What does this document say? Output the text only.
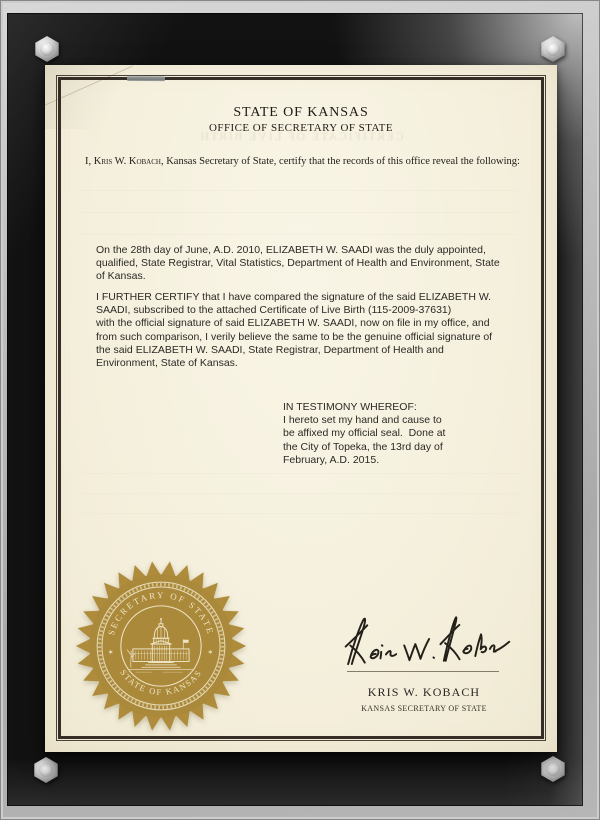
CERTIFICATE OF LIVE BIRTH
STATE OF KANSAS
OFFICE OF SECRETARY OF STATE
I, Kris W. Kobach, Kansas Secretary of State, certify that the records of this office reveal the following:
On the 28th day of June, A.D. 2010, ELIZABETH W. SAADI was the duly appointed,
qualified, State Registrar, Vital Statistics, Department of Health and Environment, State
of Kansas.
I FURTHER CERTIFY that I have compared the signature of the said ELIZABETH W.
SAADI, subscribed to the attached Certificate of Live Birth (115-2009-37631)
with the official signature of said ELIZABETH W. SAADI, now on file in my office, and
from such comparison, I verily believe the same to be the genuine official signature of
the said ELIZABETH W. SAADI, State Registrar, Department of Health and
Environment, State of Kansas.
IN TESTIMONY WHEREOF:
I hereto set my hand and cause to
be affixed my official seal.  Done at
the City of Topeka, the 13rd day of
February, A.D. 2015.
SECRETARY OF STATE
STATE OF KANSAS
✶	✶
KRIS W. KOBACH
KANSAS SECRETARY OF STATE
